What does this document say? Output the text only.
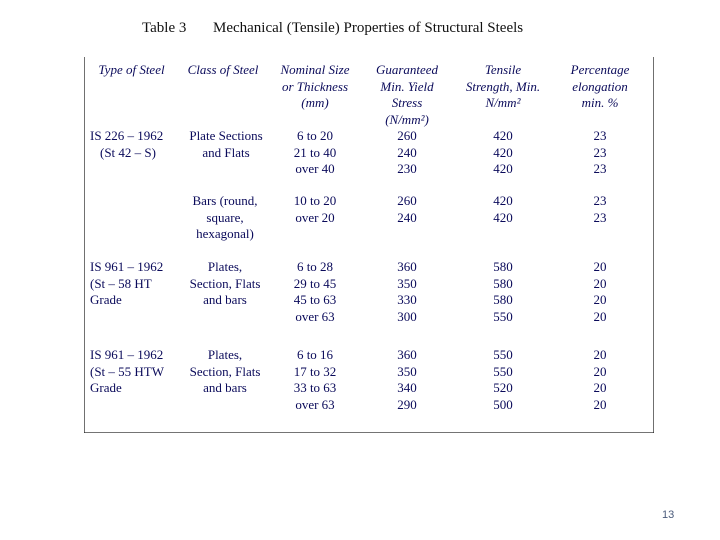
Table 3 Mechanical (Tensile) Properties of Structural Steels
Type of Steel	Class of Steel	Nominal Size
or Thickness
(mm)
Guaranteed
Min. Yield
Stress
(N/mm²)
Tensile
Strength, Min.
N/mm²
Percentage
elongation
min. %
IS 226 – 1962
(St 42 – S)
Plate Sections
and Flats
6 to 20
21 to 40
over 40
260
240
230
420
420
420
23
23
23
Bars (round,
square,
hexagonal)
10 to 20
over 20
260
240
420
420
23
23
IS 961 – 1962
(St – 58 HT
Grade
Plates,
Section, Flats
and bars
6 to 28
29 to 45
45 to 63
over 63
360
350
330
300
580
580
580
550
20
20
20
20
IS 961 – 1962
(St – 55 HTW
Grade
Plates,
Section, Flats
and bars
6 to 16
17 to 32
33 to 63
over 63
360
350
340
290
550
550
520
500
20
20
20
20
13
